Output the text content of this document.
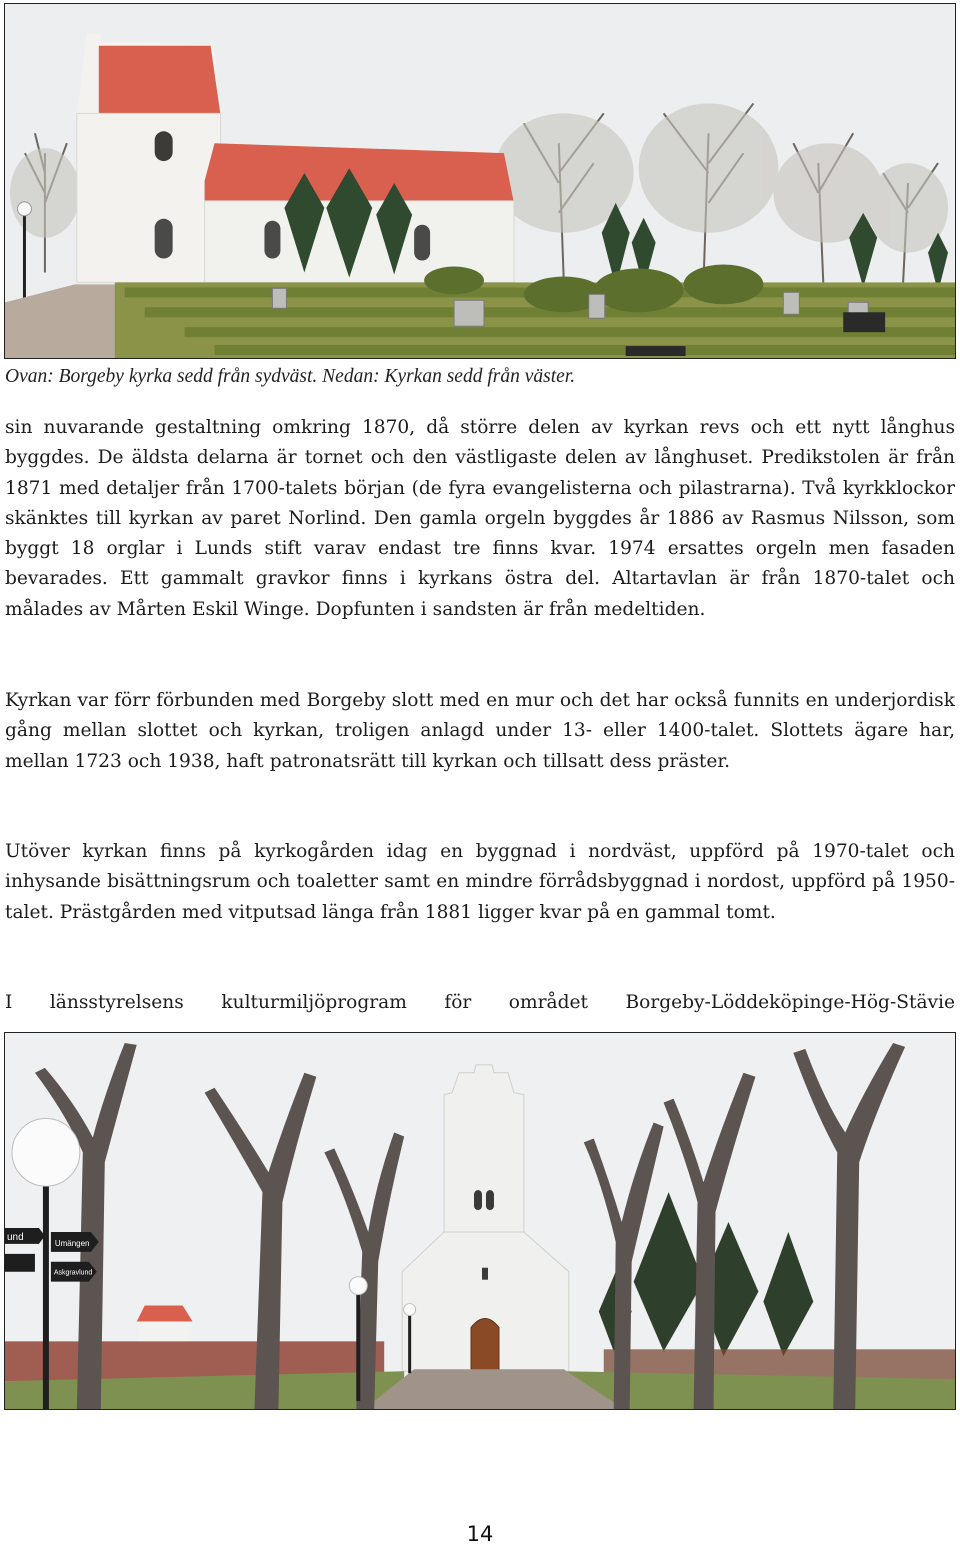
Ovan: Borgeby kyrka sedd från sydväst. Nedan: Kyrkan sedd från väster.

sin nuvarande gestaltning omkring 1870, då större delen av kyrkan revs och ett nytt långhus byggdes. De äldsta delarna är tornet och den västligaste delen av långhuset. Predikstolen är från 1871 med detaljer från 1700-talets början (de fyra evangelisterna och pilastrarna). Två kyrkklockor skänktes till kyrkan av paret Norlind. Den gamla orgeln byggdes år 1886 av Rasmus Nilsson, som byggt 18 orglar i Lunds stift varav endast tre finns kvar. 1974 ersattes orgeln men fasaden bevarades. Ett gammalt gravkor finns i kyrkans östra del. Altartavlan är från 1870-talet och målades av Mårten Eskil Winge. Dopfunten i sandsten är från medeltiden.

Kyrkan var förr förbunden med Borgeby slott med en mur och det har också funnits en underjordisk gång mellan slottet och kyrkan, troligen anlagd under 13- eller 1400-talet. Slottets ägare har, mellan 1723 och 1938, haft patronatsrätt till kyrkan och tillsatt dess präster.

Utöver kyrkan finns på kyrkogården idag en byggnad i nordväst, uppförd på 1970-talet och inhysande bisättningsrum och toaletter samt en mindre förrådsbyggnad i nordost, uppförd på 1950-talet. Prästgården med vitputsad länga från 1881 ligger kvar på en gammal tomt.

I länsstyrelsens kulturmiljöprogram för området Borgeby-Löddeköpinge-Hög-Stävie

und
Umängen
Askgravlund
14
